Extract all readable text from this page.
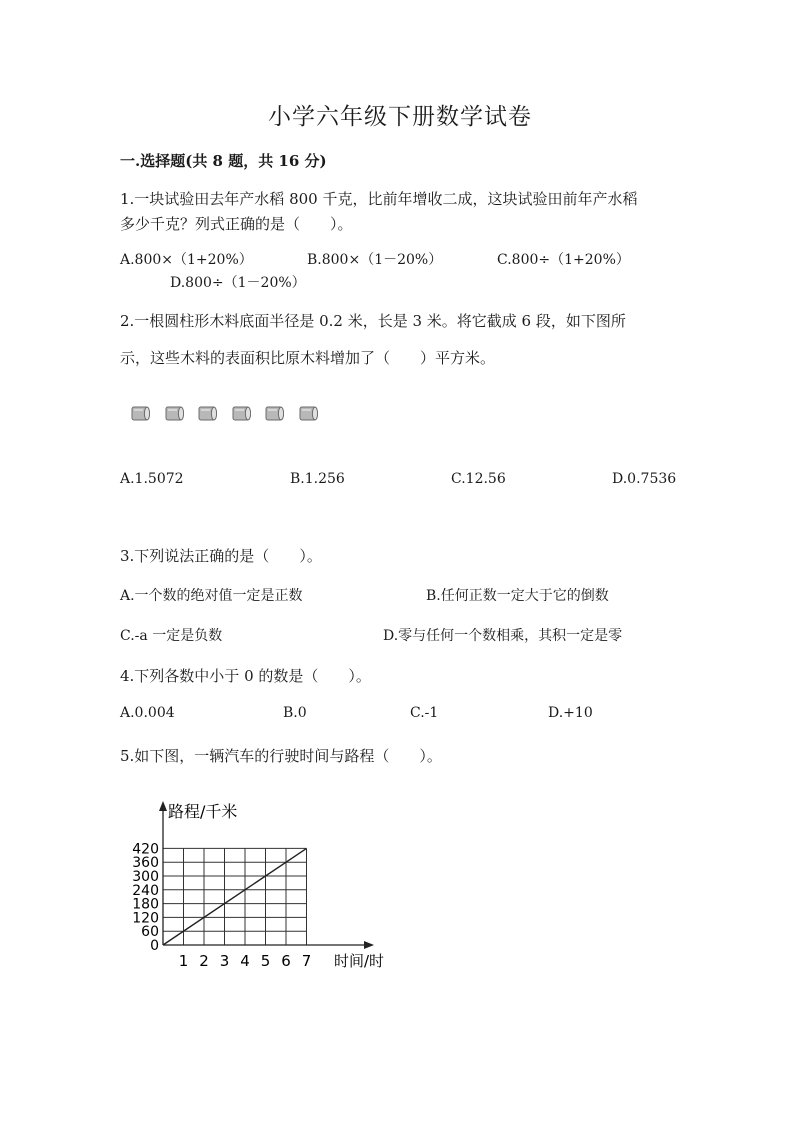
小学六年级下册数学试卷
一.选择题(共 8 题，共 16 分)
1.一块试验田去年产水稻 800 千克，比前年增收二成，这块试验田前年产水稻
多少千克？列式正确的是（　　）。
A.800×（1+20%）	B.800×（1－20%）	C.800÷（1+20%）
D.800÷（1－20%）
2.一根圆柱形木料底面半径是 0.2 米，长是 3 米。将它截成 6 段，如下图所
示，这些木料的表面积比原木料增加了（　　）平方米。
A.1.5072	B.1.256	C.12.56	D.0.7536
3.下列说法正确的是（　　）。
A.一个数的绝对值一定是正数	B.任何正数一定大于它的倒数
C.-a 一定是负数	D.零与任何一个数相乘，其积一定是零
4.下列各数中小于 0 的数是（　　）。
A.0.004	B.0	C.-1	D.+10
5.如下图，一辆汽车的行驶时间与路程（　　）。
1 2 3 4 5 6 7
0
60
120
180
240
300
360
420
路程/千米
时间/时
